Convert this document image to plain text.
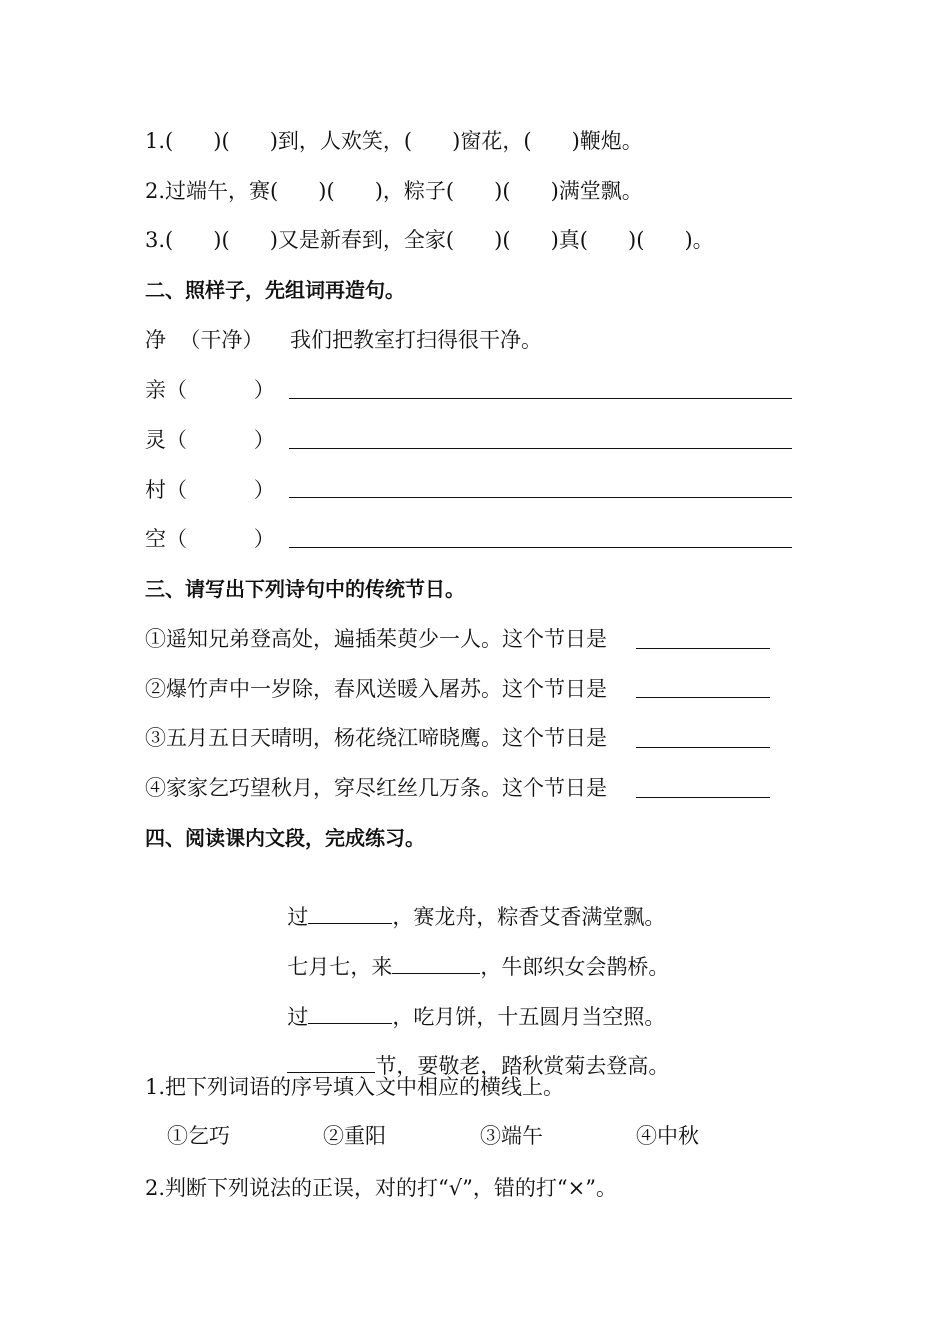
1.(      )(      )到，人欢笑，(      )窗花，(      )鞭炮。
2.过端午，赛(      )(      )，粽子(      )(      )满堂飘。
3.(      )(      )又是新春到，全家(      )(      )真(      )(      )。
二、照样子，先组词再造句。
净  （干净）    我们把教室打扫得很干净。
亲（          ）
灵（          ）
村（          ）
空（          ）
三、请写出下列诗句中的传统节日。
①遥知兄弟登高处，遍插茱萸少一人。这个节日是
②爆竹声中一岁除，春风送暖入屠苏。这个节日是
③五月五日天晴明，杨花绕江啼晓鹰。这个节日是
④家家乞巧望秋月，穿尽红丝几万条。这个节日是
四、阅读课内文段，完成练习。

过	，赛龙舟，粽香艾香满堂飘。

七月七，来	，牛郎织女会鹊桥。

过	，吃月饼，十五圆月当空照。

节，要敬老，踏秋赏菊去登高。

1.把下列词语的序号填入文中相应的横线上。
①乞巧	②重阳	③端午	④中秋
2.判断下列说法的正误，对的打“√”，错的打“×”。
